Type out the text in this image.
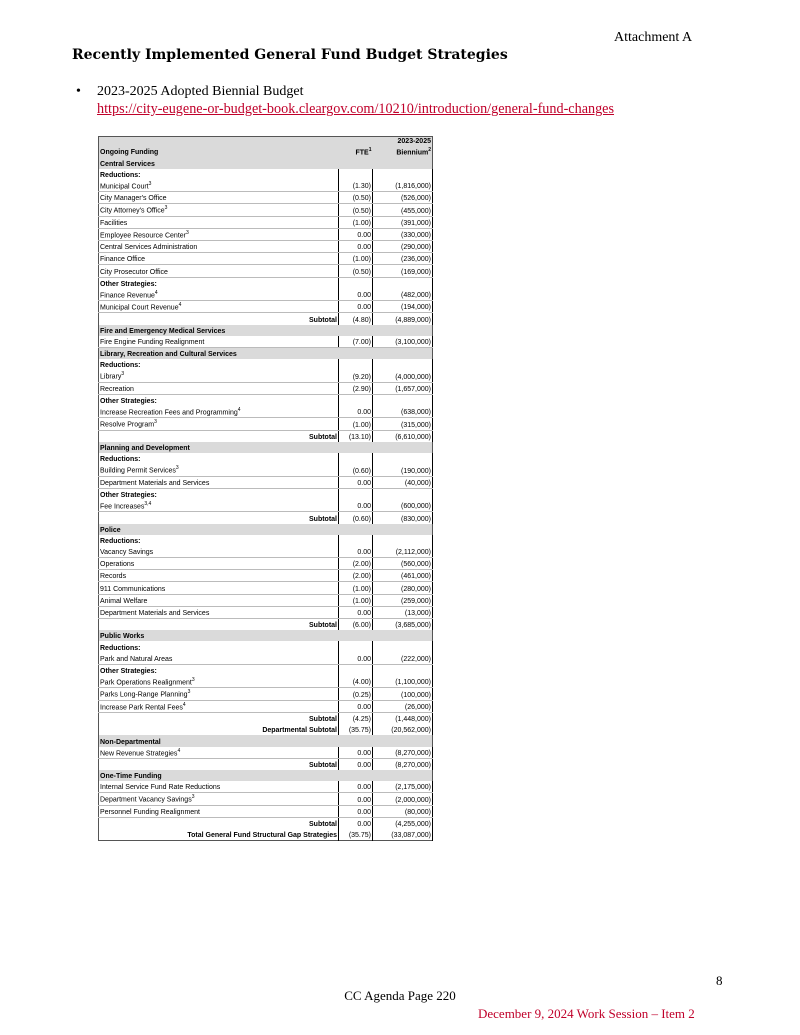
Attachment A
Recently Implemented General Fund Budget Strategies
• 2023-2025 Adopted Biennial Budget
https://city-eugene-or-budget-book.cleargov.com/10210/introduction/general-fund-changes
Ongoing Funding	FTE$^1$	2023-2025
Biennium$^2$
Central Services		
Reductions:		
Municipal Court$^3$	(1.30)	(1,816,000)
City Manager's Office	(0.50)	(526,000)
City Attorney's Office$^3$	(0.50)	(455,000)
Facilities	(1.00)	(391,000)
Employee Resource Center$^3$	0.00	(330,000)
Central Services Administration	0.00	(290,000)
Finance Office	(1.00)	(236,000)
City Prosecutor Office	(0.50)	(169,000)
Other Strategies:		
Finance Revenue$^4$	0.00	(482,000)
Municipal Court Revenue$^4$	0.00	(194,000)
Subtotal	(4.80)	(4,889,000)
Fire and Emergency Medical Services		
Fire Engine Funding Realignment	(7.00)	(3,100,000)
Library, Recreation and Cultural Services		
Reductions:		
Library$^3$	(9.20)	(4,000,000)
Recreation	(2.90)	(1,657,000)
Other Strategies:		
Increase Recreation Fees and Programming$^4$	0.00	(638,000)
Resolve Program$^3$	(1.00)	(315,000)
Subtotal	(13.10)	(6,610,000)
Planning and Development		
Reductions:		
Building Permit Services$^3$	(0.60)	(190,000)
Department Materials and Services	0.00	(40,000)
Other Strategies:		
Fee Increases$^{3,4}$	0.00	(600,000)
Subtotal	(0.60)	(830,000)
Police		
Reductions:		
Vacancy Savings	0.00	(2,112,000)
Operations	(2.00)	(560,000)
Records	(2.00)	(461,000)
911 Communications	(1.00)	(280,000)
Animal Welfare	(1.00)	(259,000)
Department Materials and Services	0.00	(13,000)
Subtotal	(6.00)	(3,685,000)
Public Works		
Reductions:		
Park and Natural Areas	0.00	(222,000)
Other Strategies:		
Park Operations Realignment$^3$	(4.00)	(1,100,000)
Parks Long-Range Planning$^3$	(0.25)	(100,000)
Increase Park Rental Fees$^4$	0.00	(26,000)
Subtotal	(4.25)	(1,448,000)
Departmental Subtotal	(35.75)	(20,562,000)
Non-Departmental		
New Revenue Strategies$^4$	0.00	(8,270,000)
Subtotal	0.00	(8,270,000)
One-Time Funding		
Internal Service Fund Rate Reductions	0.00	(2,175,000)
Department Vacancy Savings$^3$	0.00	(2,000,000)
Personnel Funding Realignment	0.00	(80,000)
Subtotal	0.00	(4,255,000)
Total General Fund Structural Gap Strategies	(35.75)	(33,087,000)
8
CC Agenda Page 220
December 9, 2024 Work Session – Item 2
